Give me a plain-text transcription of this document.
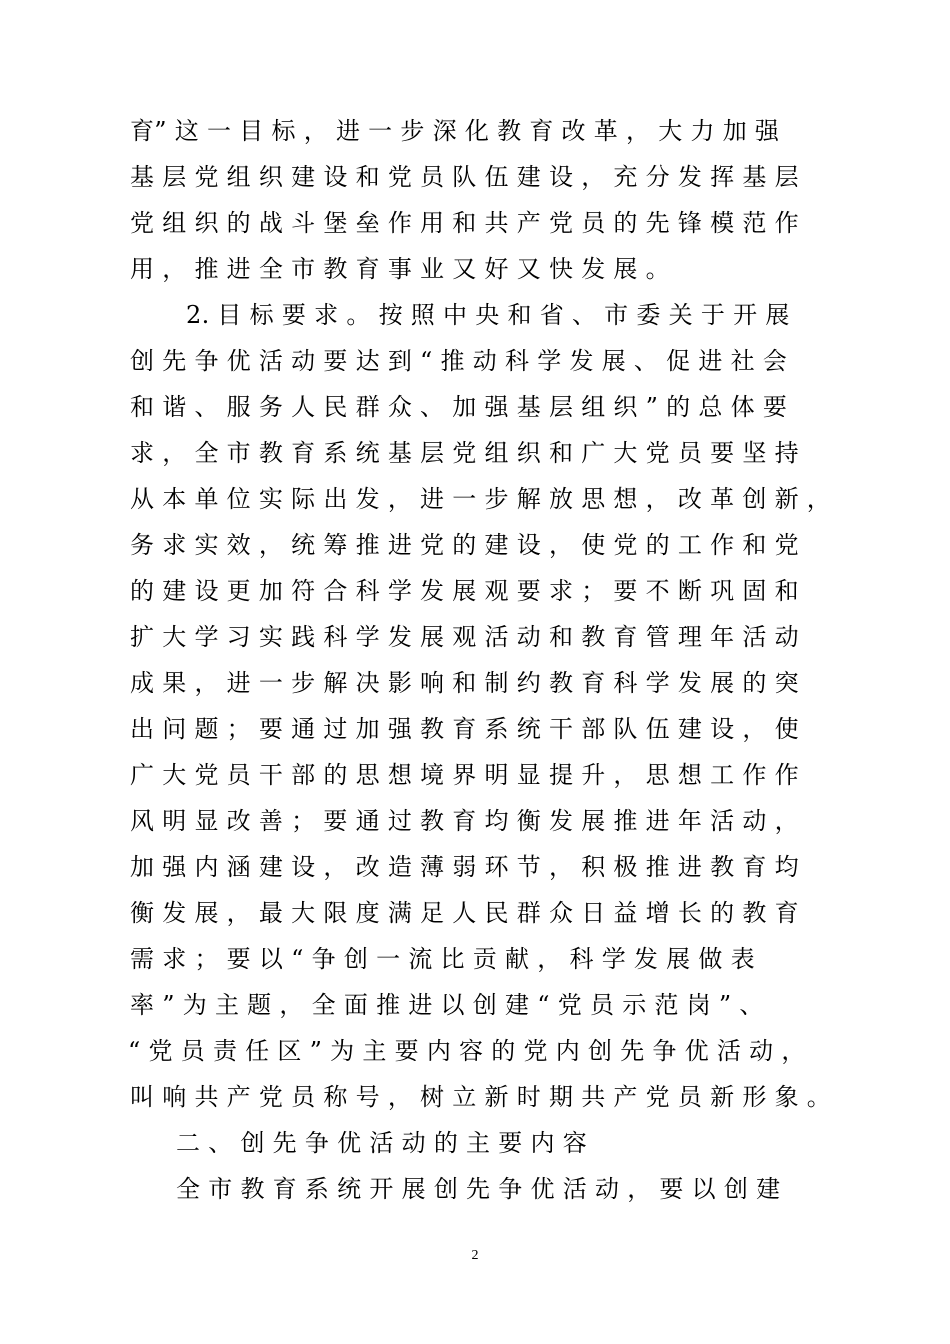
育” 这 一 目 标 ， 进 一 步 深 化 教 育 改 革 ， 大 力 加 强
基 层 党 组 织 建 设 和 党 员 队 伍 建 设 ， 充 分 发 挥 基 层
党 组 织 的 战 斗 堡 垒 作 用 和 共 产 党 员 的 先 锋 模 范 作
用 ， 推 进 全 市 教 育 事 业 又 好 又 快 发 展 。
2. 目 标 要 求 。 按 照 中 央 和 省 、 市 委 关 于 开 展
创 先 争 优 活 动 要 达 到 “ 推 动 科 学 发 展 、 促 进 社 会
和 谐 、 服 务 人 民 群 众 、 加 强 基 层 组 织 ” 的 总 体 要
求 ， 全 市 教 育 系 统 基 层 党 组 织 和 广 大 党 员 要 坚 持
从 本 单 位 实 际 出 发 ， 进 一 步 解 放 思 想 ， 改 革 创 新 ，
务 求 实 效 ， 统 筹 推 进 党 的 建 设 ， 使 党 的 工 作 和 党
的 建 设 更 加 符 合 科 学 发 展 观 要 求 ； 要 不 断 巩 固 和
扩 大 学 习 实 践 科 学 发 展 观 活 动 和 教 育 管 理 年 活 动
成 果 ， 进 一 步 解 决 影 响 和 制 约 教 育 科 学 发 展 的 突
出 问 题 ； 要 通 过 加 强 教 育 系 统 干 部 队 伍 建 设 ， 使
广 大 党 员 干 部 的 思 想 境 界 明 显 提 升 ， 思 想 工 作 作
风 明 显 改 善 ； 要 通 过 教 育 均 衡 发 展 推 进 年 活 动 ，
加 强 内 涵 建 设 ， 改 造 薄 弱 环 节 ， 积 极 推 进 教 育 均
衡 发 展 ， 最 大 限 度 满 足 人 民 群 众 日 益 增 长 的 教 育
需 求 ； 要 以 “ 争 创 一 流 比 贡 献 ， 科 学 发 展 做 表
率 ” 为 主 题 ， 全 面 推 进 以 创 建 “ 党 员 示 范 岗 ” 、
“ 党 员 责 任 区 ” 为 主 要 内 容 的 党 内 创 先 争 优 活 动 ，
叫 响 共 产 党 员 称 号 ， 树 立 新 时 期 共 产 党 员 新 形 象 。
二 、 创 先 争 优 活 动 的 主 要 内 容
全 市 教 育 系 统 开 展 创 先 争 优 活 动 ， 要 以 创 建
2
